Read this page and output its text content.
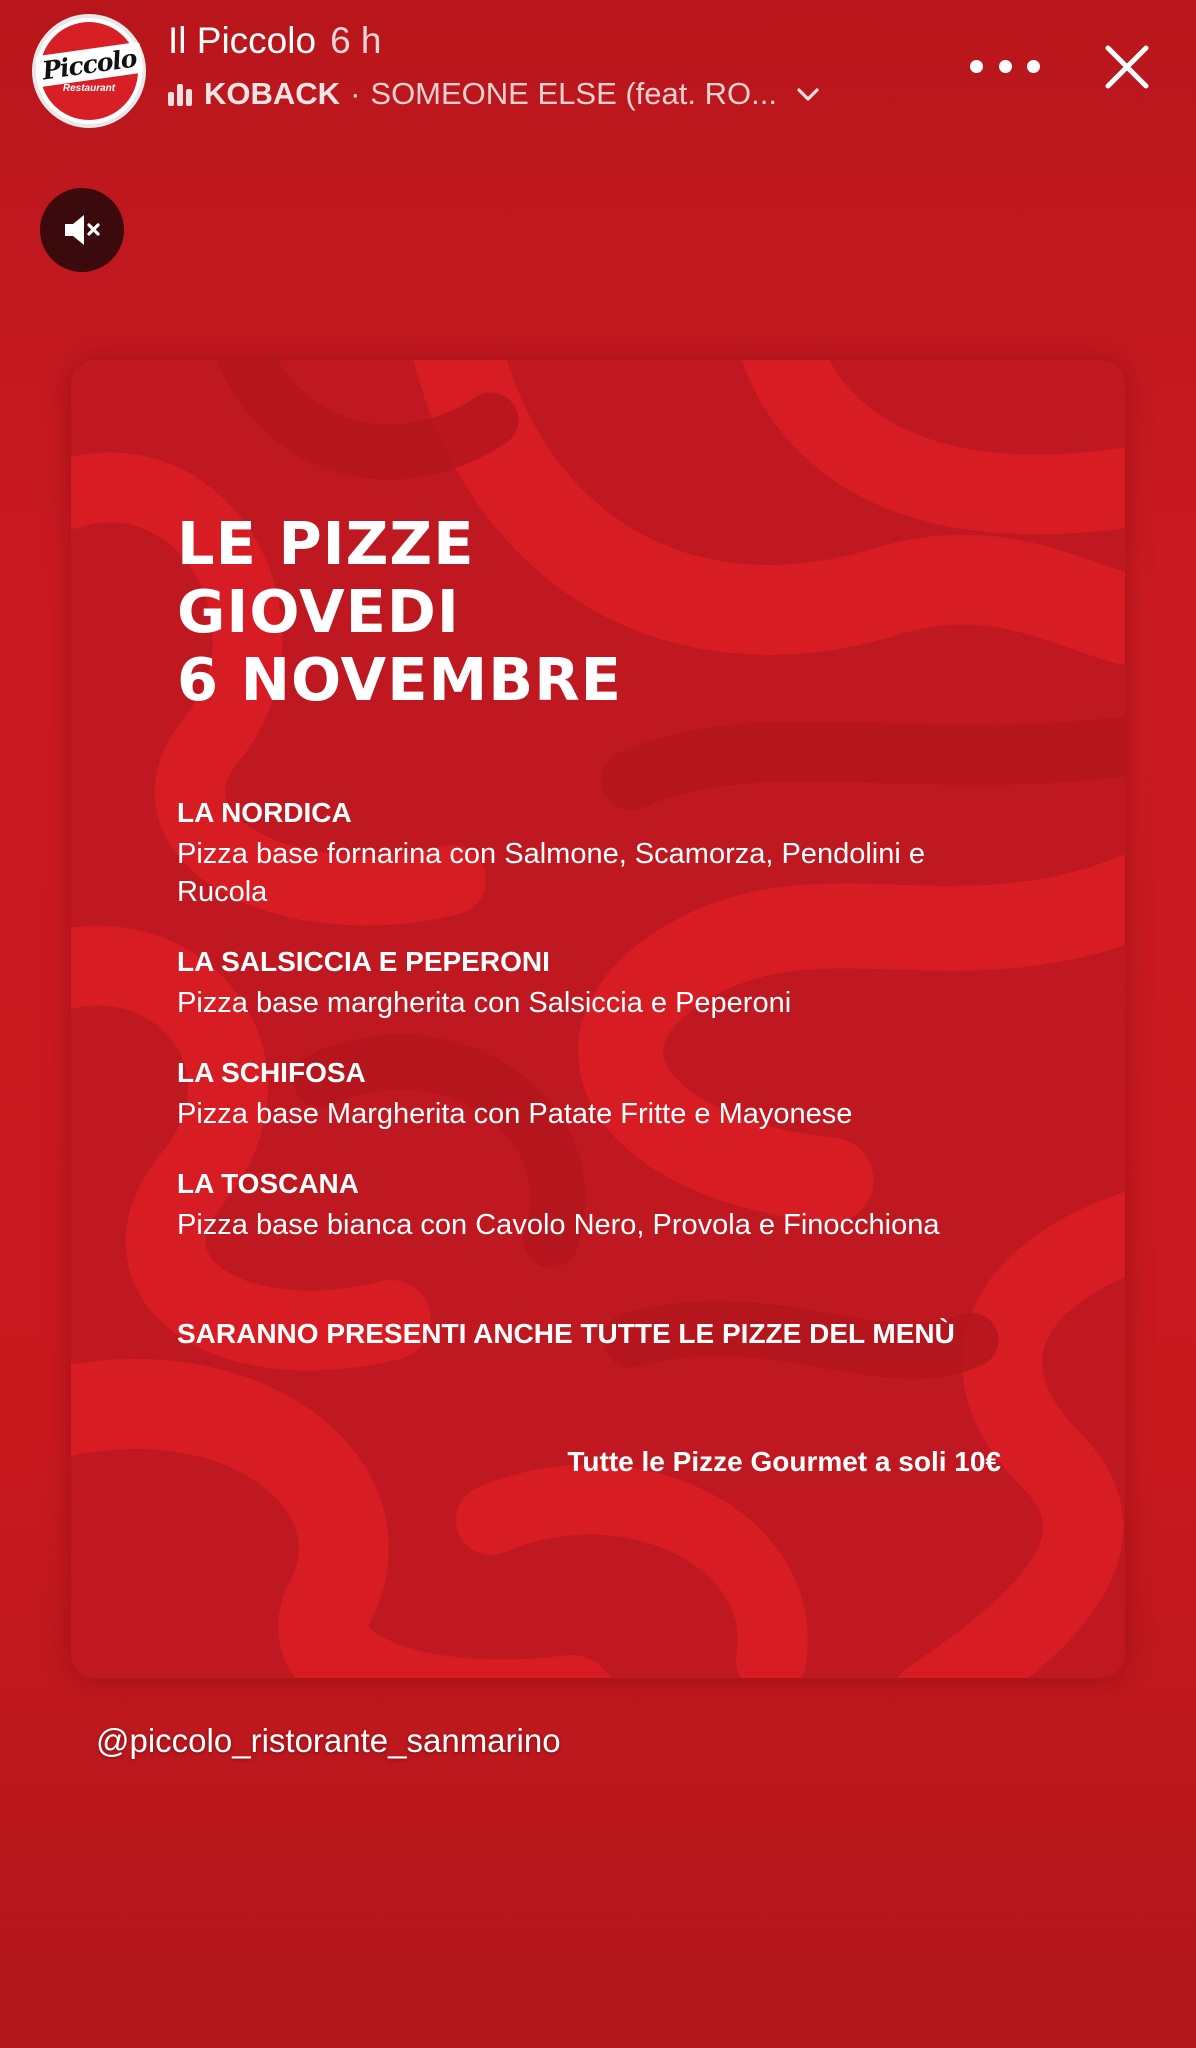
Piccolo
Restaurant
Il Piccolo 6 h
KOBACK · SOMEONE ELSE (feat. RO...
LE PIZZE
GIOVEDI
6 NOVEMBRE
LA NORDICA
Pizza base fornarina con Salmone, Scamorza, Pendolini e
Rucola
LA SALSICCIA E PEPERONI
Pizza base margherita con Salsiccia e Peperoni
LA SCHIFOSA
Pizza base Margherita con Patate Fritte e Mayonese
LA TOSCANA
Pizza base bianca con Cavolo Nero, Provola e Finocchiona
SARANNO PRESENTI ANCHE TUTTE LE PIZZE DEL MENÙ
Tutte le Pizze Gourmet a soli 10€
@piccolo_ristorante_sanmarino
